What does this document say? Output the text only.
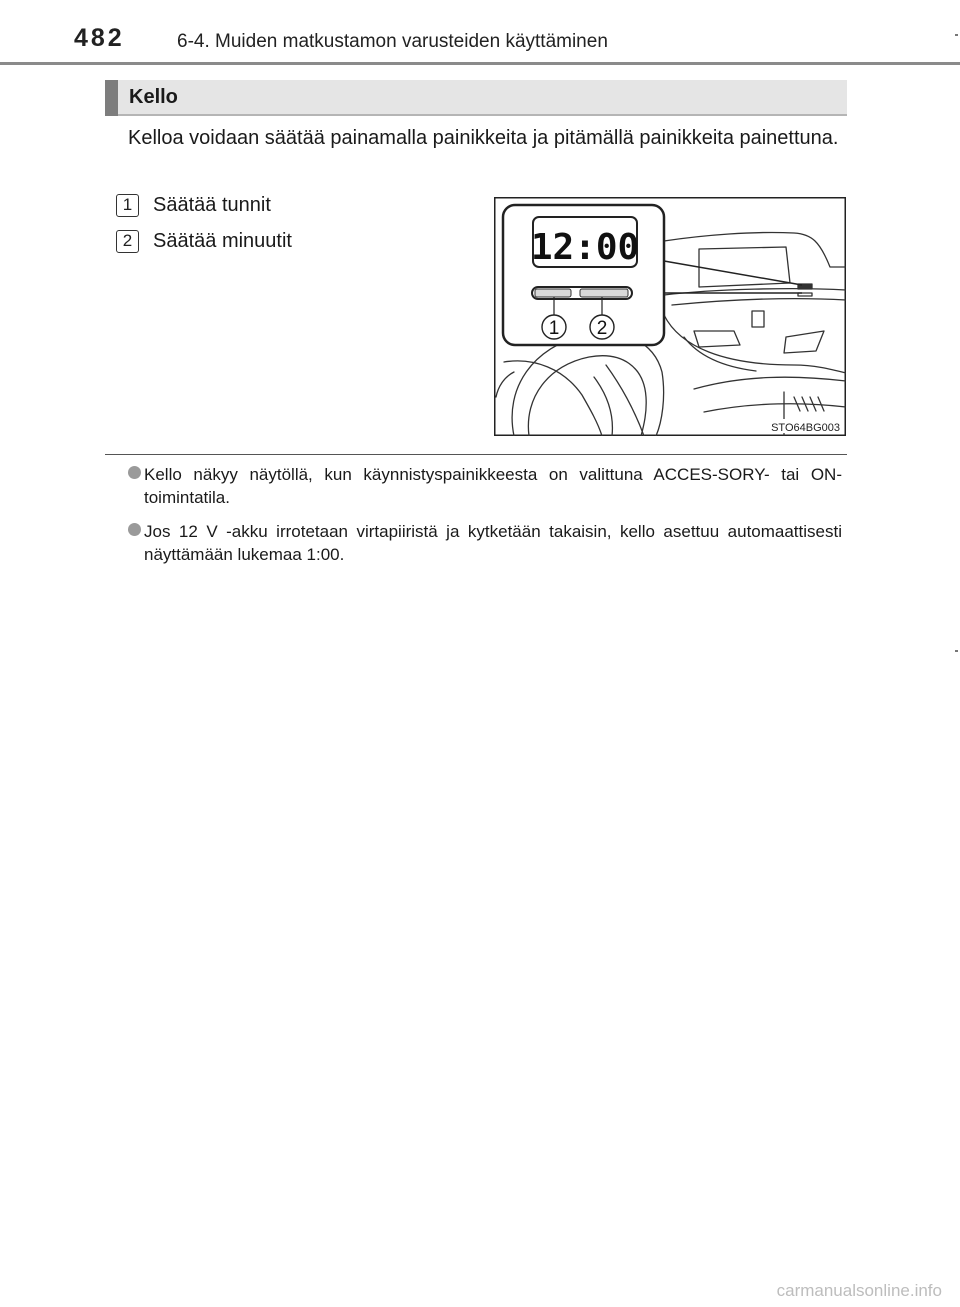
482	6-4. Muiden matkustamon varusteiden käyttäminen
Kello

Kelloa voidaan säätää painamalla painikkeita ja pitämällä painikkeita painettuna.

1	Säätää tunnit
2	Säätää minuutit	12:00
1 2
STO64BG003

Kello näkyy näytöllä, kun käynnistyspainikkeesta on valittuna ACCES-SORY- tai ON-toimintatila.

Jos 12 V -akku irrotetaan virtapiiristä ja kytketään takaisin, kello asettuu automaattisesti näyttämään lukemaa 1:00.

carmanualsonline.info
